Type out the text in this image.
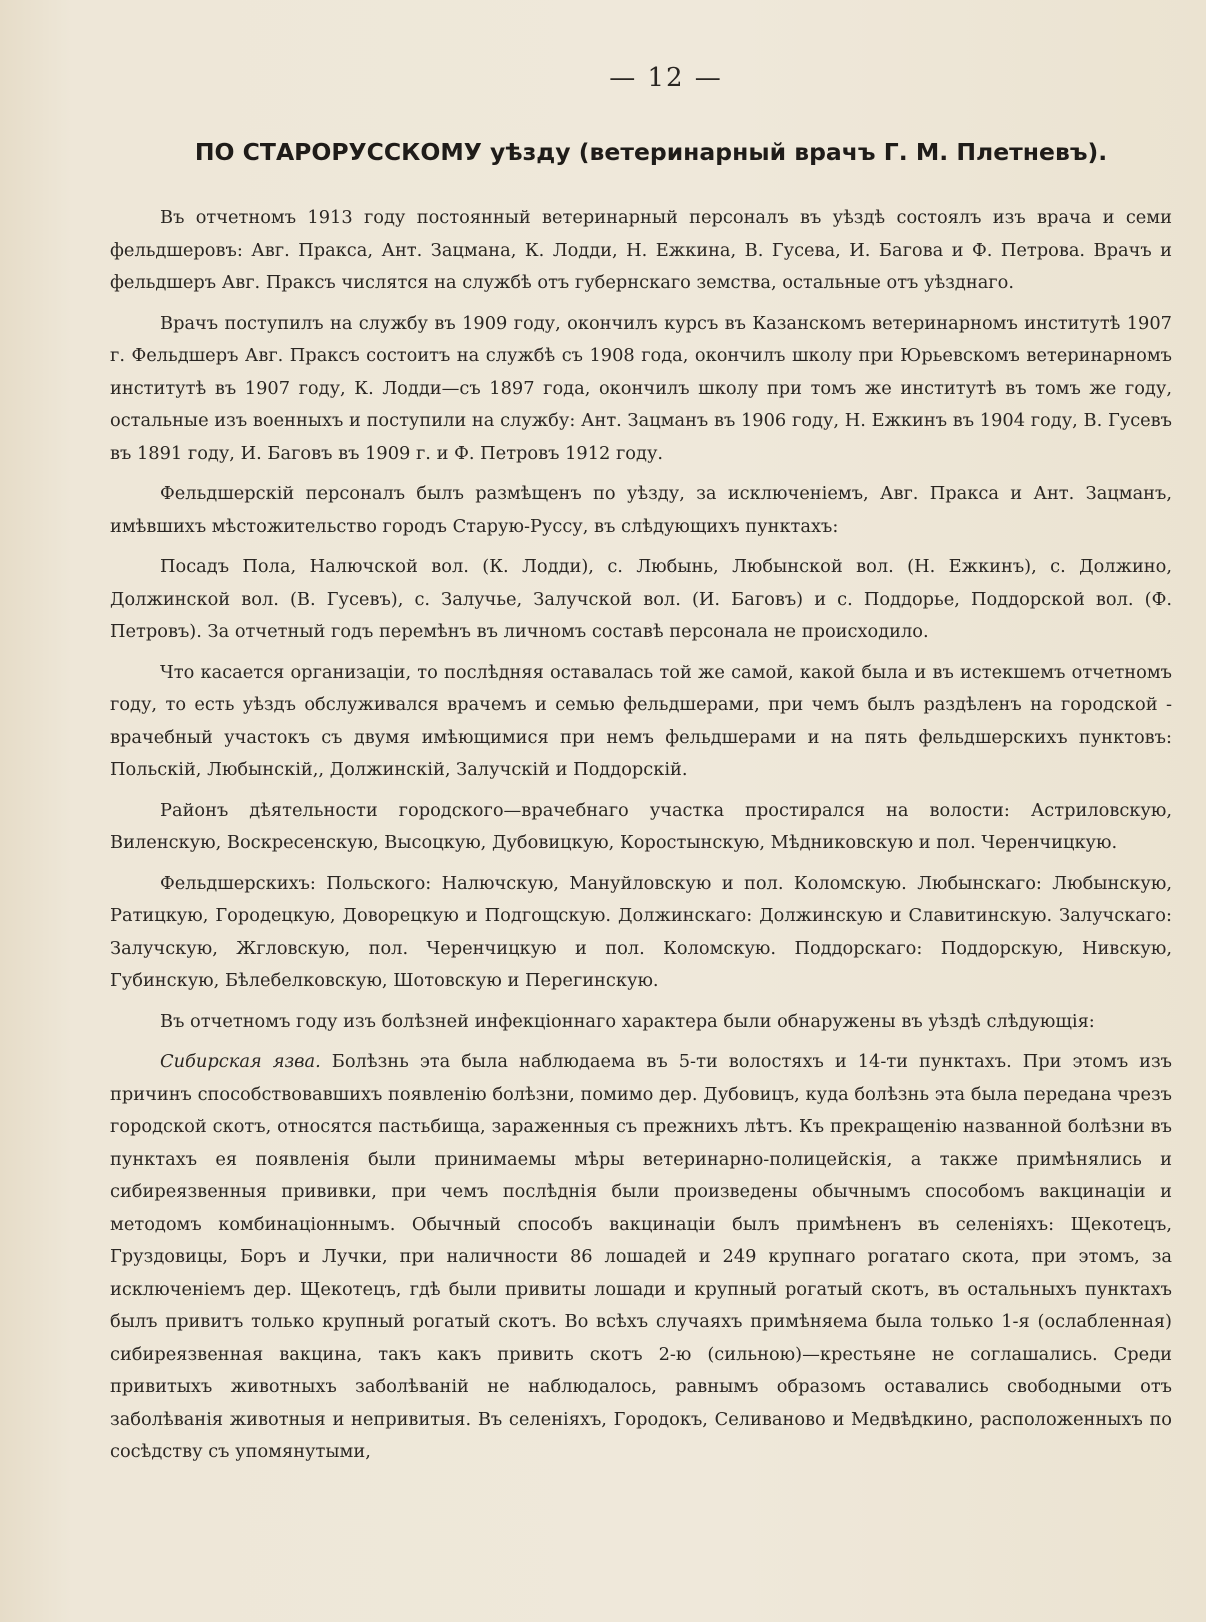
— 12 —
ПО СТАРОРУССКОМУ уѣзду (ветеринарный врачъ Г. М. Плетневъ).

Въ отчетномъ 1913 году постоянный ветеринарный персоналъ въ уѣздѣ состоялъ изъ врача и семи фельдшеровъ: Авг. Пракса, Ант. Зацмана, К. Лодди, Н. Ежкина, В. Гусева, И. Багова и Ф. Петрова. Врачъ и фельдшеръ Авг. Праксъ числятся на службѣ отъ губернскаго земства, остальные отъ уѣзднаго.

Врачъ поступилъ на службу въ 1909 году, окончилъ курсъ въ Казанскомъ ветеринарномъ институтѣ 1907 г. Фельдшеръ Авг. Праксъ состоитъ на службѣ съ 1908 года, окончилъ школу при Юрьевскомъ ветеринарномъ институтѣ въ 1907 году, К. Лодди—съ 1897 года, окончилъ школу при томъ же институтѣ въ томъ же году, остальные изъ военныхъ и поступили на службу: Ант. Зацманъ въ 1906 году, Н. Ежкинъ въ 1904 году, В. Гусевъ въ 1891 году, И. Баговъ въ 1909 г. и Ф. Петровъ 1912 году.

Фельдшерскій персоналъ былъ размѣщенъ по уѣзду, за исключеніемъ, Авг. Пракса и Ант. Зацманъ, имѣвшихъ мѣстожительство городъ Старую-Руссу, въ слѣдующихъ пунктахъ:

Посадъ Пола, Налючской вол. (К. Лодди), с. Любынь, Любынской вол. (Н. Ежкинъ), с. Должино, Должинской вол. (В. Гусевъ), с. Залучье, Залучской вол. (И. Баговъ) и с. Поддорье, Поддорской вол. (Ф. Петровъ). За отчетный годъ перемѣнъ въ личномъ составѣ персонала не происходило.

Что касается организаціи, то послѣдняя оставалась той же самой, какой была и въ истекшемъ отчетномъ году, то есть уѣздъ обслуживался врачемъ и семью фельдшерами, при чемъ былъ раздѣленъ на городской - врачебный участокъ съ двумя имѣющимися при немъ фельдшерами и на пять фельдшерскихъ пунктовъ: Польскій, Любынскій,, Должинскій, Залучскій и Поддорскій.

Районъ дѣятельности городского—врачебнаго участка простирался на волости: Астриловскую, Виленскую, Воскресенскую, Высоцкую, Дубовицкую, Коростынскую, Мѣдниковскую и пол. Черенчицкую.

Фельдшерскихъ: Польского: Налючскую, Мануйловскую и пол. Коломскую. Любынскаго: Любынскую, Ратицкую, Городецкую, Доворецкую и Подгощскую. Должинскаго: Должинскую и Славитинскую. Залучскаго: Залучскую, Жгловскую, пол. Черенчицкую и пол. Коломскую. Поддорскаго: Поддорскую, Нивскую, Губинскую, Бѣлебелковскую, Шотовскую и Перегинскую.

Въ отчетномъ году изъ болѣзней инфекціоннаго характера были обнаружены въ уѣздѣ слѣдующія:

Сибирская язва. Болѣзнь эта была наблюдаема въ 5-ти волостяхъ и 14-ти пунктахъ. При этомъ изъ причинъ способствовавшихъ появленію болѣзни, помимо дер. Дубовицъ, куда болѣзнь эта была передана чрезъ городской скотъ, относятся пастьбища, зараженныя съ прежнихъ лѣтъ. Къ прекращенію названной болѣзни въ пунктахъ ея появленія были принимаемы мѣры ветеринарно-полицейскія, а также примѣнялись и сибиреязвенныя прививки, при чемъ послѣднія были произведены обычнымъ способомъ вакцинаціи и методомъ комбинаціоннымъ. Обычный способъ вакцинаціи былъ примѣненъ въ селеніяхъ: Щекотецъ, Груздовицы, Боръ и Лучки, при наличности 86 лошадей и 249 крупнаго рогатаго скота, при этомъ, за исключеніемъ дер. Щекотецъ, гдѣ были привиты лошади и крупный рогатый скотъ, въ остальныхъ пунктахъ былъ привитъ только крупный рогатый скотъ. Во всѣхъ случаяхъ примѣняема была только 1-я (ослабленная) сибиреязвенная вакцина, такъ какъ привить скотъ 2-ю (сильною)—крестьяне не соглашались. Среди привитыхъ животныхъ заболѣваній не наблюдалось, равнымъ образомъ оставались свободными отъ заболѣванія животныя и непривитыя. Въ селеніяхъ, Городокъ, Селиваново и Медвѣдкино, расположенныхъ по сосѣдству съ упомянутыми,
